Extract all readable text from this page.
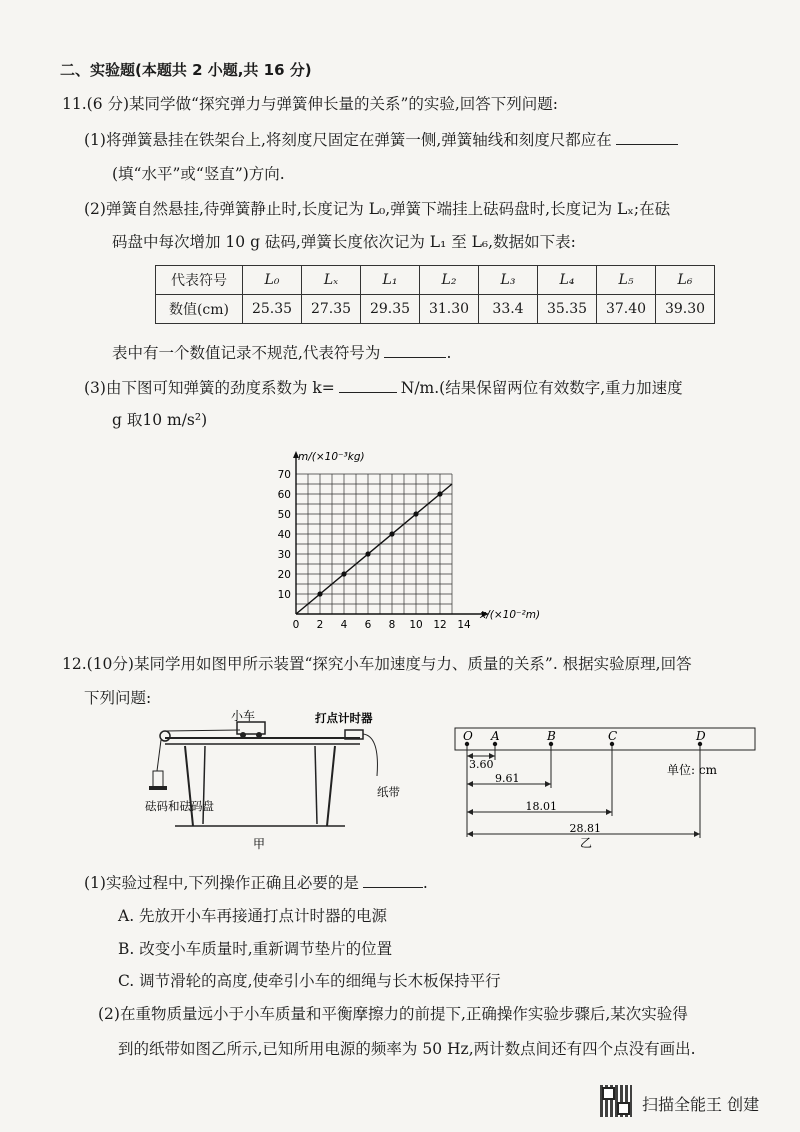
二、实验题(本题共 2 小题,共 16 分)
11.(6 分)某同学做“探究弹力与弹簧伸长量的关系”的实验,回答下列问题:
(1)将弹簧悬挂在铁架台上,将刻度尺固定在弹簧一侧,弹簧轴线和刻度尺都应在
(填“水平”或“竖直”)方向.
(2)弹簧自然悬挂,待弹簧静止时,长度记为 L₀,弹簧下端挂上砝码盘时,长度记为 Lₓ;在砝
码盘中每次增加 10 g 砝码,弹簧长度依次记为 L₁ 至 L₆,数据如下表:
代表符号	L₀	Lₓ	L₁	L₂	L₃	L₄	L₅	L₆
数值(cm)	25.35	27.35	29.35	31.30	33.4	35.35	37.40	39.30
表中有一个数值记录不规范,代表符号为	.
(3)由下图可知弹簧的劲度系数为 k=	N/m.(结果保留两位有效数字,重力加速度
g 取10 m/s²)
0 2 4 6 8 10 12 14
10
20
30
40
50
60
70
m/(×10⁻³kg)
x/(×10⁻²m)
12.(10分)某同学用如图甲所示装置“探究小车加速度与力、质量的关系”. 根据实验原理,回答
下列问题:
小车	打点计时器
纸带
砝码和砝码盘
甲
O A	B	C	D
3.60
9.61
18.01
28.81
单位: cm
乙
(1)实验过程中,下列操作正确且必要的是	.
A. 先放开小车再接通打点计时器的电源
B. 改变小车质量时,重新调节垫片的位置
C. 调节滑轮的高度,使牵引小车的细绳与长木板保持平行
(2)在重物质量远小于小车质量和平衡摩擦力的前提下,正确操作实验步骤后,某次实验得
到的纸带如图乙所示,已知所用电源的频率为 50 Hz,两计数点间还有四个点没有画出.
扫描全能王 创建
